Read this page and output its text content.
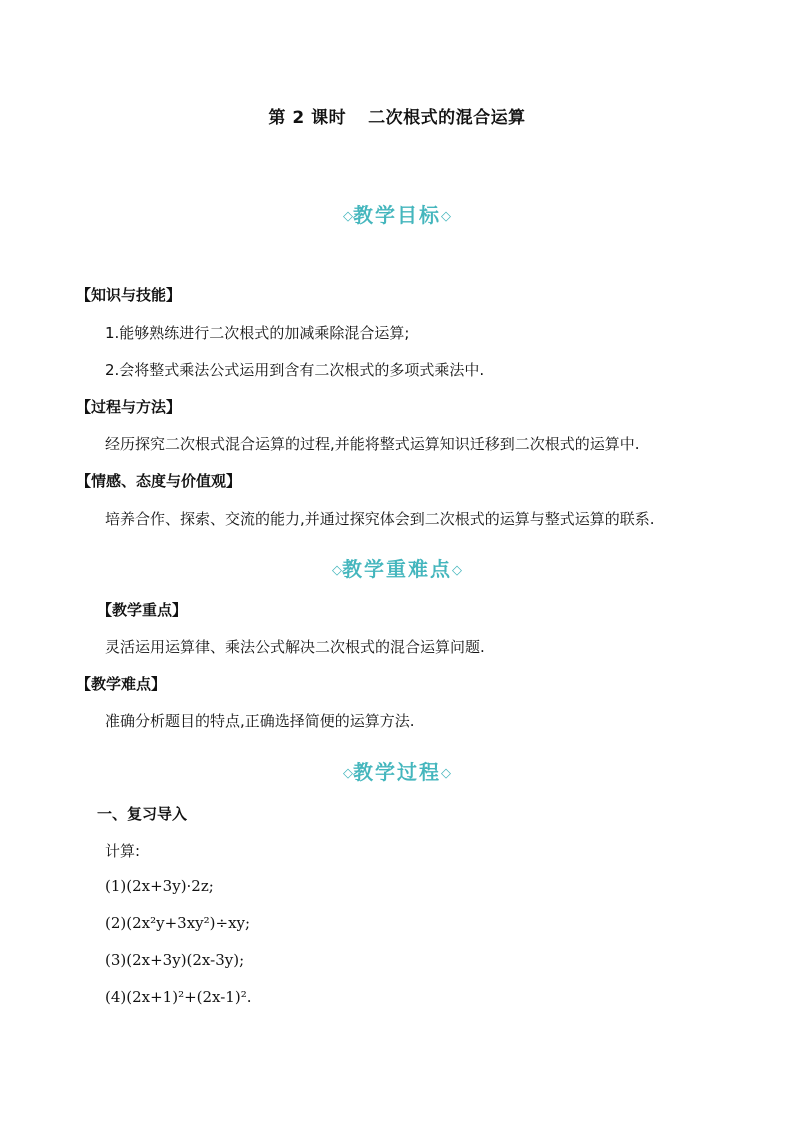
第 2 课时 二次根式的混合运算
◇教学目标◇
【知识与技能】
1.能够熟练进行二次根式的加减乘除混合运算;
2.会将整式乘法公式运用到含有二次根式的多项式乘法中.
【过程与方法】
经历探究二次根式混合运算的过程,并能将整式运算知识迁移到二次根式的运算中.
【情感、态度与价值观】
培养合作、探索、交流的能力,并通过探究体会到二次根式的运算与整式运算的联系.
◇教学重难点◇
【教学重点】
灵活运用运算律、乘法公式解决二次根式的混合运算问题.
【教学难点】
准确分析题目的特点,正确选择简便的运算方法.
◇教学过程◇
一、复习导入
计算:
(1)(2x+3y)·2z;
(2)(2x²y+3xy²)÷xy;
(3)(2x+3y)(2x-3y);
(4)(2x+1)²+(2x-1)².
